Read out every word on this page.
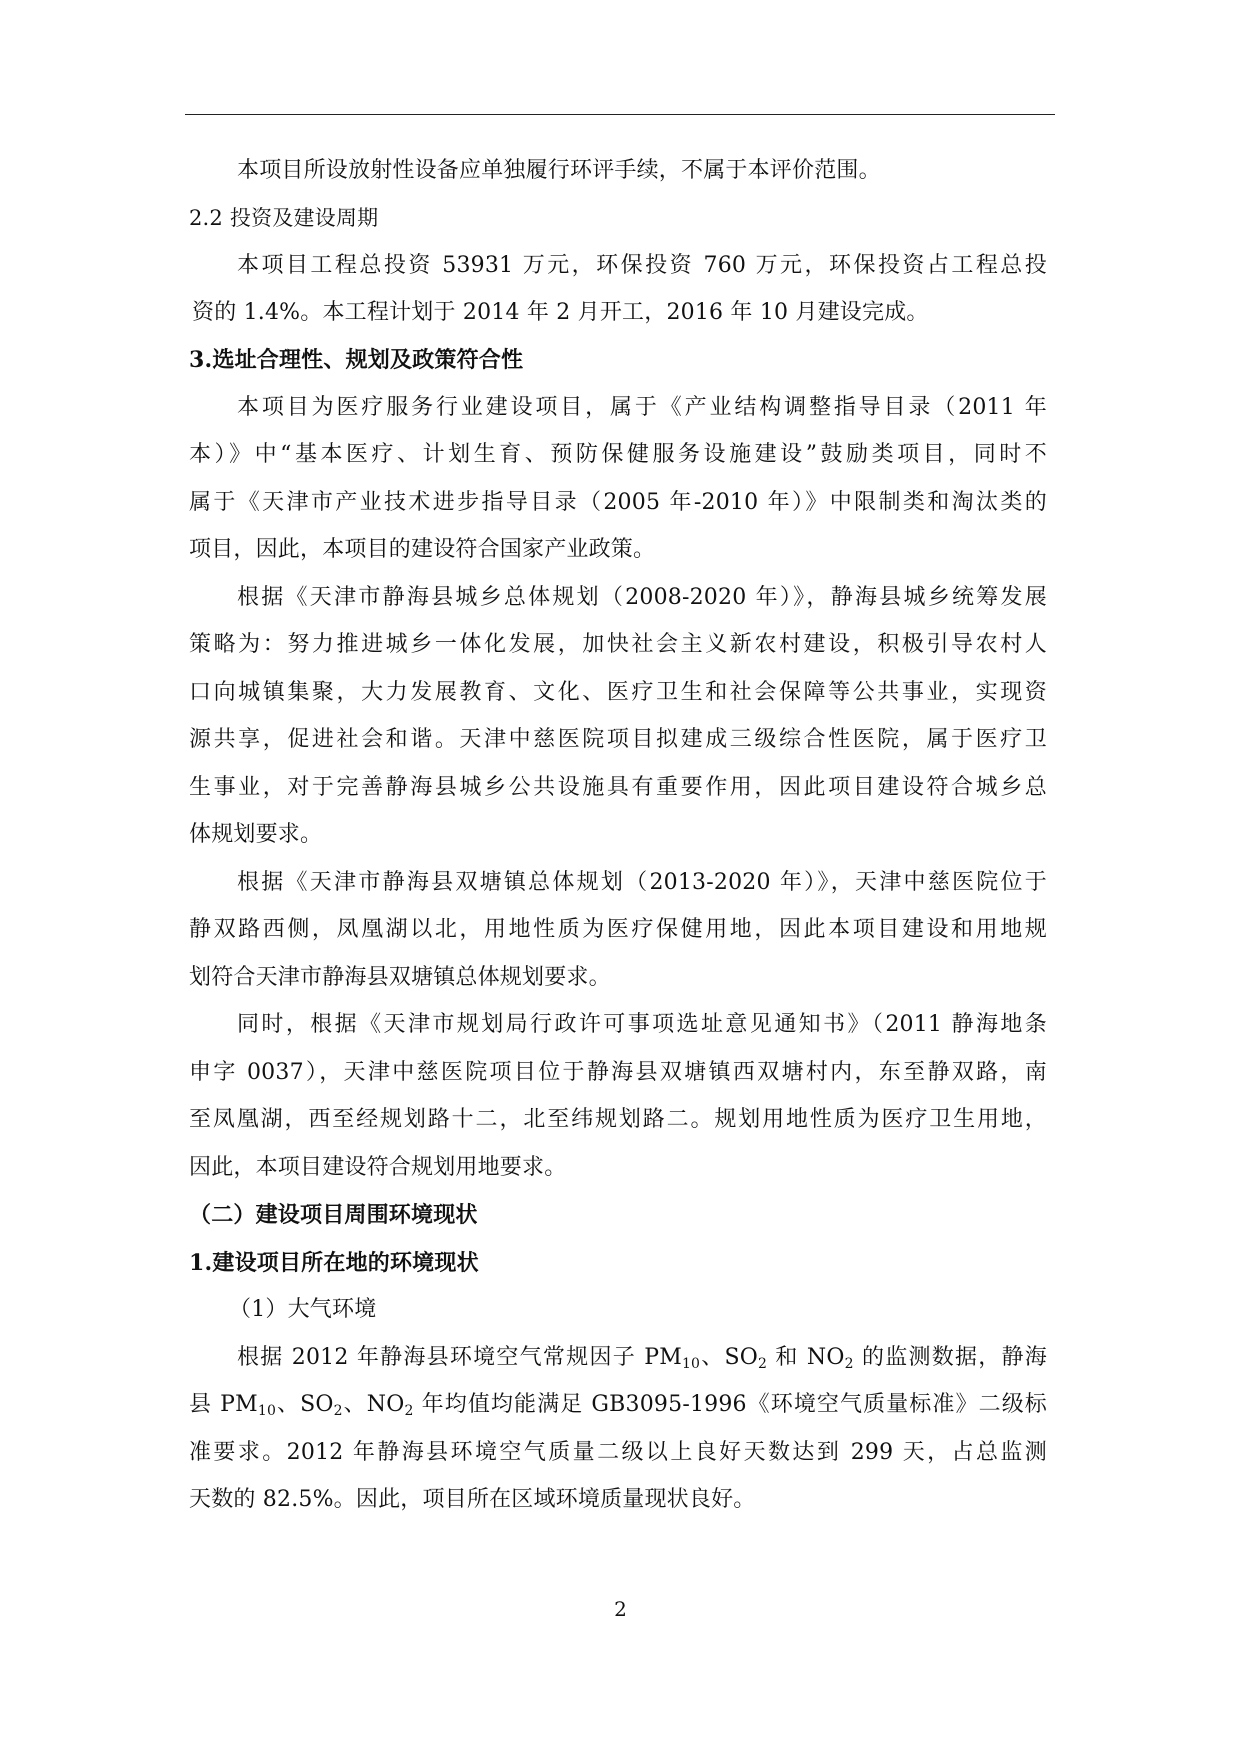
本项目所设放射性设备应单独履行环评手续，不属于本评价范围。
2.2 投资及建设周期
本项目工程总投资 53931 万元，环保投资 760 万元，环保投资占工程总投
资的 1.4%。本工程计划于 2014 年 2 月开工，2016 年 10 月建设完成。
3.选址合理性、规划及政策符合性
本项目为医疗服务行业建设项目，属于《产业结构调整指导目录（2011 年
本）》中“基本医疗、计划生育、预防保健服务设施建设”鼓励类项目，同时不
属于《天津市产业技术进步指导目录（2005 年-2010 年）》中限制类和淘汰类的
项目，因此，本项目的建设符合国家产业政策。
根据《天津市静海县城乡总体规划（2008-2020 年）》，静海县城乡统筹发展
策略为：努力推进城乡一体化发展，加快社会主义新农村建设，积极引导农村人
口向城镇集聚，大力发展教育、文化、医疗卫生和社会保障等公共事业，实现资
源共享，促进社会和谐。天津中慈医院项目拟建成三级综合性医院，属于医疗卫
生事业，对于完善静海县城乡公共设施具有重要作用，因此项目建设符合城乡总
体规划要求。
根据《天津市静海县双塘镇总体规划（2013-2020 年）》，天津中慈医院位于
静双路西侧，凤凰湖以北，用地性质为医疗保健用地，因此本项目建设和用地规
划符合天津市静海县双塘镇总体规划要求。
同时，根据《天津市规划局行政许可事项选址意见通知书》（2011 静海地条
申字 0037），天津中慈医院项目位于静海县双塘镇西双塘村内，东至静双路，南
至凤凰湖，西至经规划路十二，北至纬规划路二。规划用地性质为医疗卫生用地，
因此，本项目建设符合规划用地要求。
（二）建设项目周围环境现状
1.建设项目所在地的环境现状
（1）大气环境
根据 2012 年静海县环境空气常规因子 $PM_{10}$、$SO_2$ 和 $NO_2$ 的监测数据，静海
县 $PM_{10}$、$SO_2$、$NO_2$ 年均值均能满足 GB3095-1996《环境空气质量标准》二级标
准要求。2012 年静海县环境空气质量二级以上良好天数达到 299 天，占总监测
天数的 82.5%。因此，项目所在区域环境质量现状良好。
2
